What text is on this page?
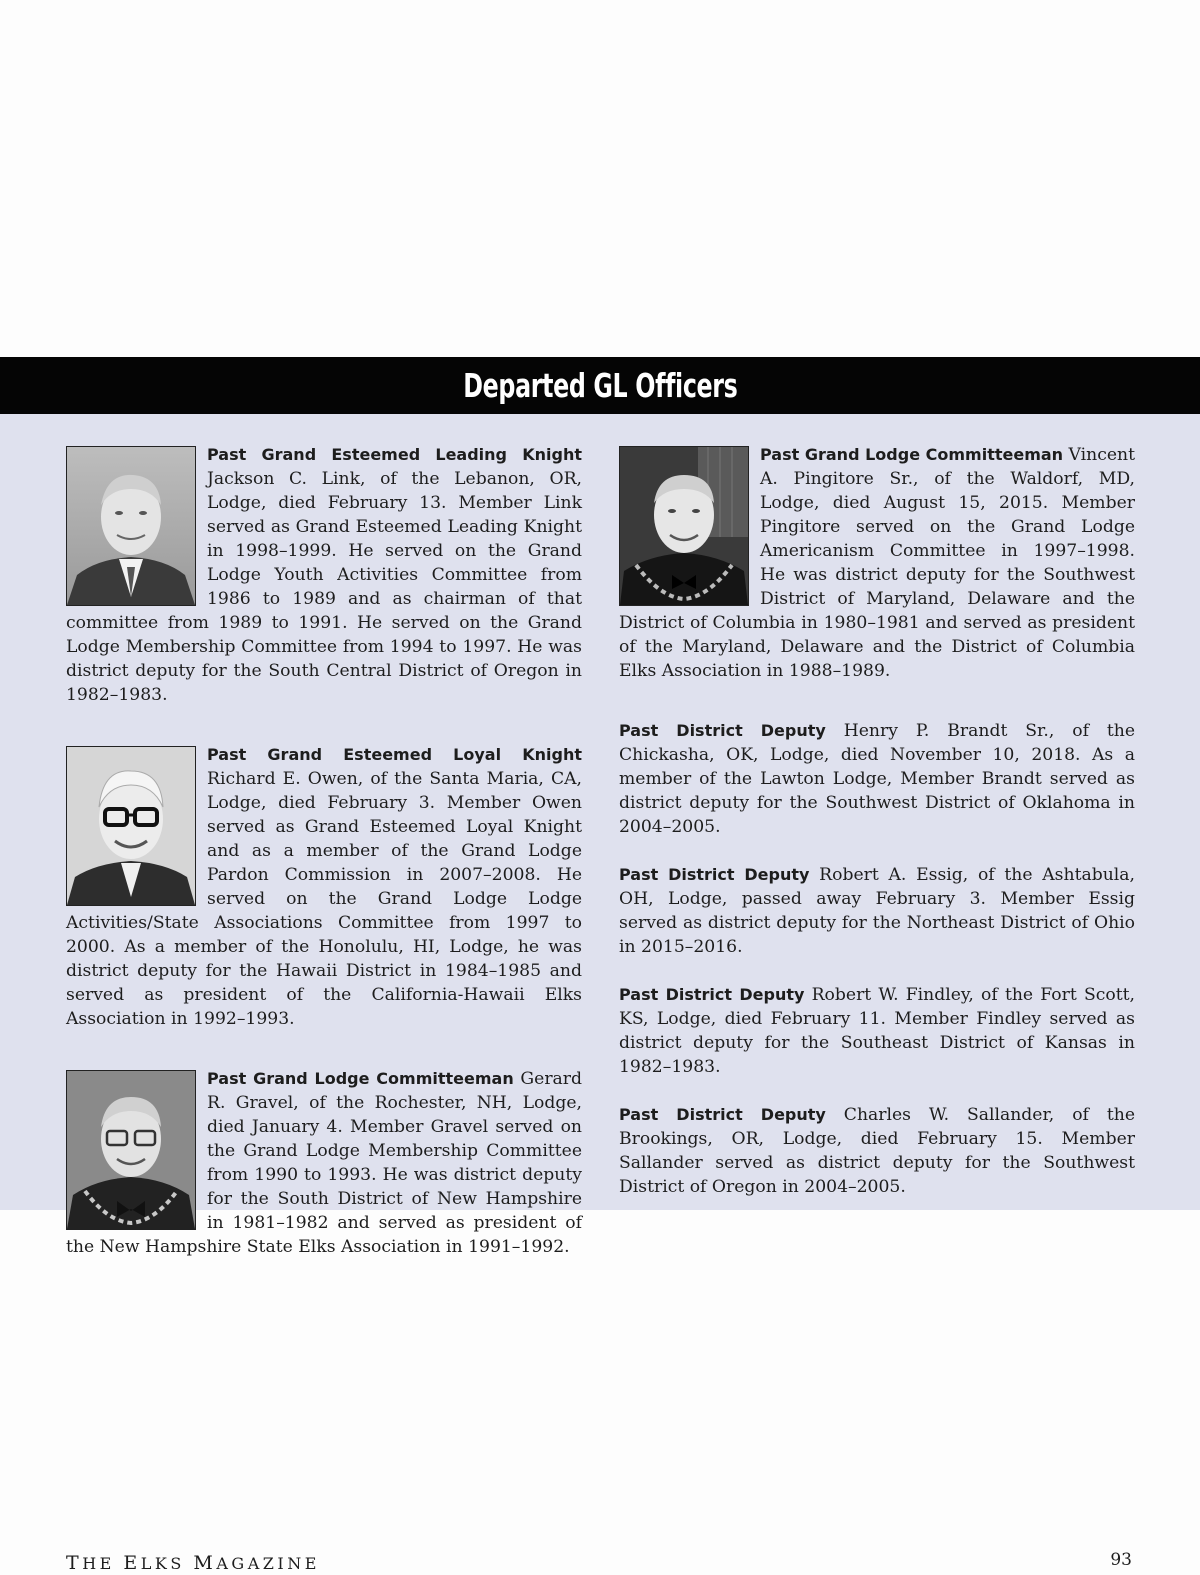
Departed GL Officers

Past Grand Esteemed Leading Knight Jackson C. Link, of the Lebanon, OR, Lodge, died February 13. Member Link served as Grand Esteemed Leading Knight in 1998–1999. He served on the Grand Lodge Youth Activities Committee from 1986 to 1989 and as chairman of that committee from 1989 to 1991. He served on the Grand Lodge Membership Committee from 1994 to 1997. He was district deputy for the South Central District of Oregon in 1982–1983.

Past Grand Esteemed Loyal Knight Richard E. Owen, of the Santa Maria, CA, Lodge, died February 3. Member Owen served as Grand Esteemed Loyal Knight and as a member of the Grand Lodge Pardon Commission in 2007–2008. He served on the Grand Lodge Lodge Activities/State Associations Committee from 1997 to 2000. As a member of the Honolulu, HI, Lodge, he was district deputy for the Hawaii District in 1984–1985 and served as president of the California-Hawaii Elks Association in 1992–1993.

Past Grand Lodge Committeeman Gerard R. Gravel, of the Rochester, NH, Lodge, died January 4. Member Gravel served on the Grand Lodge Membership Committee from 1990 to 1993. He was district deputy for the South District of New Hampshire in 1981–1982 and served as president of the New Hampshire State Elks Association in 1991–1992.

Past Grand Lodge Committeeman Vincent A. Pingitore Sr., of the Waldorf, MD, Lodge, died August 15, 2015. Member Pingitore served on the Grand Lodge Americanism Committee in 1997–1998. He was district deputy for the Southwest District of Maryland, Delaware and the District of Columbia in 1980–1981 and served as president of the Maryland, Delaware and the District of Columbia Elks Association in 1988–1989.

Past District Deputy Henry P. Brandt Sr., of the Chickasha, OK, Lodge, died November 10, 2018. As a member of the Lawton Lodge, Member Brandt served as district deputy for the Southwest District of Oklahoma in 2004–2005.

Past District Deputy Robert A. Essig, of the Ashtabula, OH, Lodge, passed away February 3. Member Essig served as district deputy for the Northeast District of Ohio in 2015–2016.

Past District Deputy Robert W. Findley, of the Fort Scott, KS, Lodge, died February 11. Member Findley served as district deputy for the Southeast District of Kansas in 1982–1983.

Past District Deputy Charles W. Sallander, of the Brookings, OR, Lodge, died February 15. Member Sallander served as district deputy for the Southwest District of Oregon in 2004–2005.

THE ELKS MAGAZINE	93
